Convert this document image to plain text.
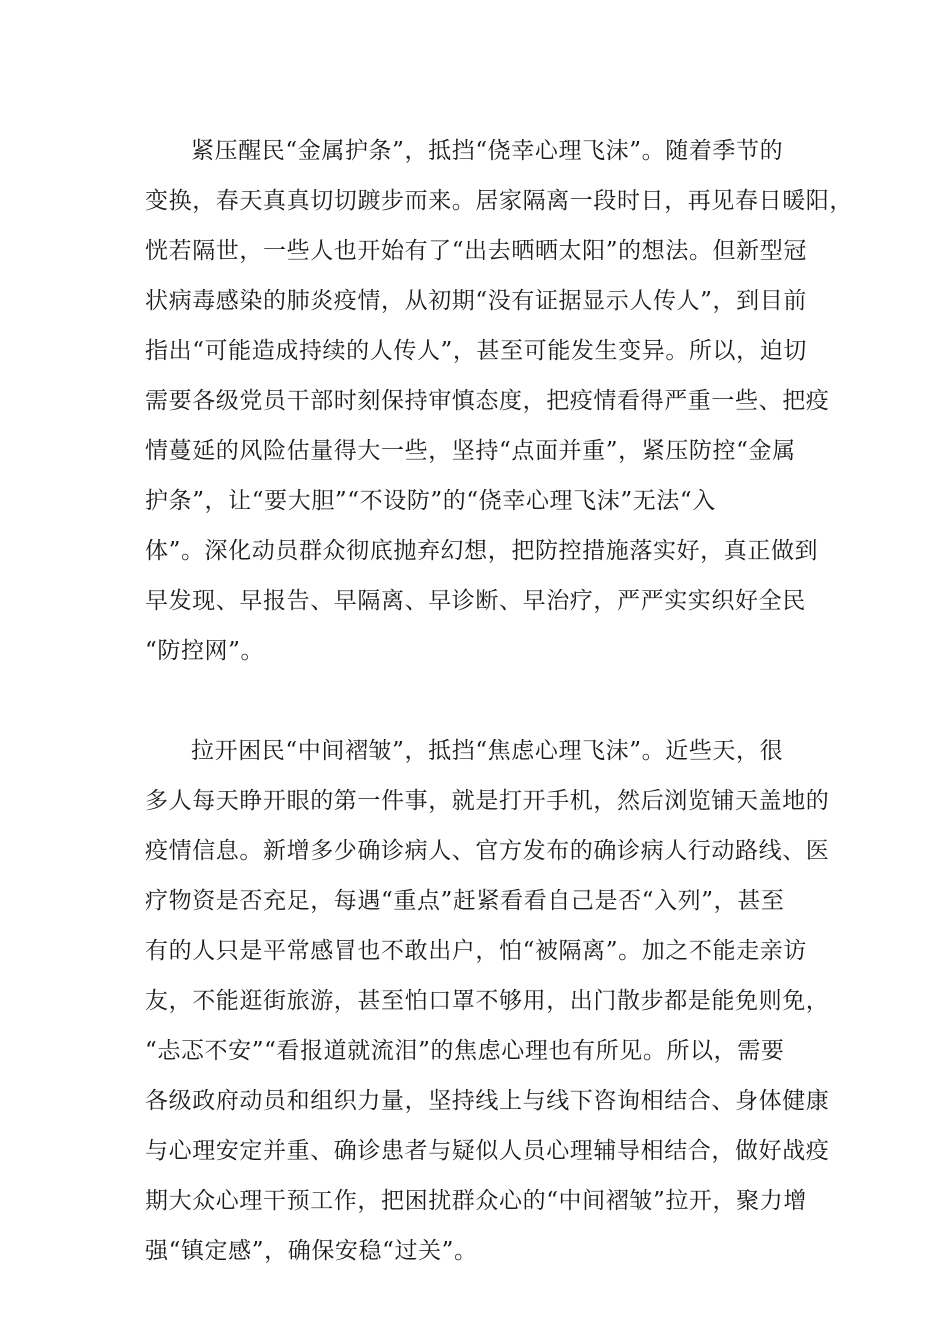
紧压醒民“金属护条”，抵挡“侥幸心理飞沫”。随着季节的

变换，春天真真切切踱步而来。居家隔离一段时日，再见春日暖阳，

恍若隔世，一些人也开始有了“出去晒晒太阳”的想法。但新型冠

状病毒感染的肺炎疫情，从初期“没有证据显示人传人”，到目前

指出“可能造成持续的人传人”，甚至可能发生变异。所以，迫切

需要各级党员干部时刻保持审慎态度，把疫情看得严重一些、把疫

情蔓延的风险估量得大一些，坚持“点面并重”，紧压防控“金属

护条”，让“要大胆”“不设防”的“侥幸心理飞沫”无法“入

体”。深化动员群众彻底抛弃幻想，把防控措施落实好，真正做到

早发现、早报告、早隔离、早诊断、早治疗，严严实实织好全民

“防控网”。

拉开困民“中间褶皱”，抵挡“焦虑心理飞沫”。近些天，很

多人每天睁开眼的第一件事，就是打开手机，然后浏览铺天盖地的

疫情信息。新增多少确诊病人、官方发布的确诊病人行动路线、医

疗物资是否充足，每遇“重点”赶紧看看自己是否“入列”，甚至

有的人只是平常感冒也不敢出户，怕“被隔离”。加之不能走亲访

友，不能逛街旅游，甚至怕口罩不够用，出门散步都是能免则免，

“忐忑不安”“看报道就流泪”的焦虑心理也有所见。所以，需要

各级政府动员和组织力量，坚持线上与线下咨询相结合、身体健康

与心理安定并重、确诊患者与疑似人员心理辅导相结合，做好战疫

期大众心理干预工作，把困扰群众心的“中间褶皱”拉开，聚力增

强“镇定感”，确保安稳“过关”。
